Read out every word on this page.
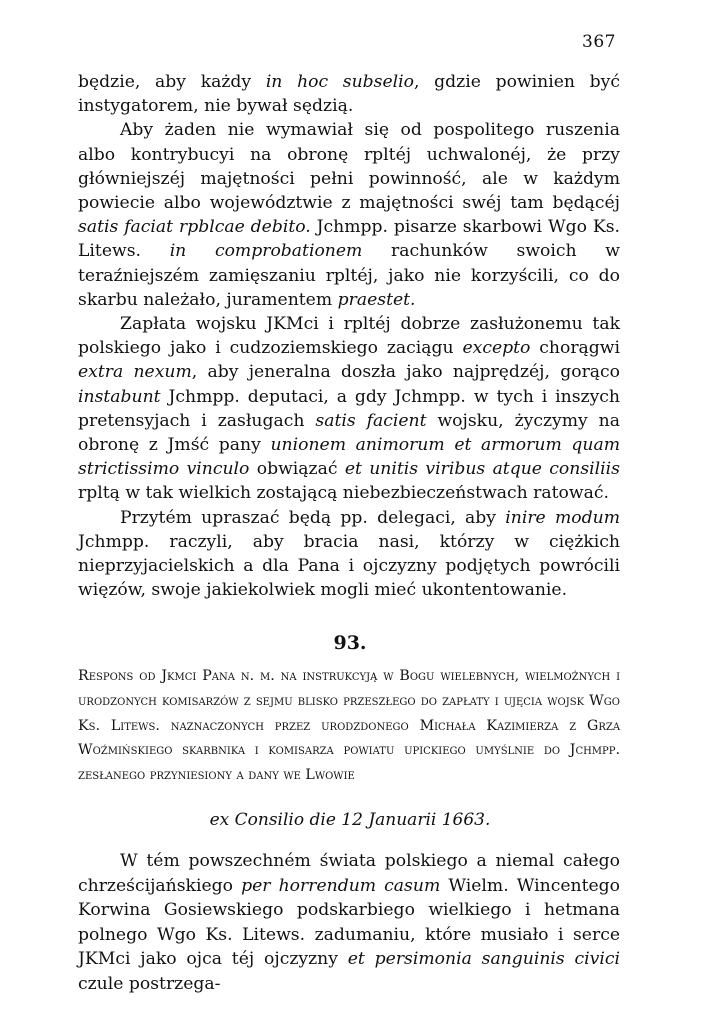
367

będzie, aby każdy in hoc subselio, gdzie powinien być instygatorem, nie bywał sędzią.

Aby żaden nie wymawiał się od pospolitego ruszenia albo kontrybucyi na obronę rpltéj uchwalonéj, że przy główniejszéj majętności pełni powinność, ale w każdym powiecie albo województwie z majętności swéj tam będącéj satis faciat rpblcae debito. Jchmpp. pisarze skarbowi Wgo Ks. Litews. in comprobationem rachunków swoich w teraźniejszém zamięszaniu rpltéj, jako nie korzyścili, co do skarbu należało, juramentem praestet.

Zapłata wojsku JKMci i rpltéj dobrze zasłużonemu tak polskiego jako i cudzoziemskiego zaciągu excepto chorągwi extra nexum, aby jeneralna doszła jako najprędzéj, gorąco instabunt Jchmpp. deputaci, a gdy Jchmpp. w tych i inszych pretensyjach i zasługach satis facient wojsku, życzymy na obronę z Jmść pany unionem animorum et armorum quam strictissimo vinculo obwiązać et unitis viribus atque consiliis rpltą w tak wielkich zostającą niebezbieczeństwach ratować.

Przytém upraszać będą pp. delegaci, aby inire modum Jchmpp. raczyli, aby bracia nasi, którzy w ciężkich nieprzyjacielskich a dla Pana i ojczyzny podjętych powrócili więzów, swoje jakiekolwiek mogli mieć ukontentowanie.

93.
Respons od Jkmci Pana n. m. na instrukcyją w Bogu wielebnych, wielmożnych i urodzonych komisarzów z sejmu blisko przeszłego do zapłaty i ujęcia wojsk Wgo Ks. Litews. naznaczonych przez urodzdonego Michała Kazimierza z Grza Woźmińskiego skarbnika i komisarza powiatu upickiego umyślnie do Jchmpp. zesłanego przyniesiony a dany we Lwowie
ex Consilio die 12 Januarii 1663.

W tém powszechném świata polskiego a niemal całego chrześcijańskiego per horrendum casum Wielm. Wincentego Korwina Gosiewskiego podskarbiego wielkiego i hetmana polnego Wgo Ks. Litews. zadumaniu, które musiało i serce JKMci jako ojca téj ojczyzny et persimonia sanguinis civici czule postrzega-
